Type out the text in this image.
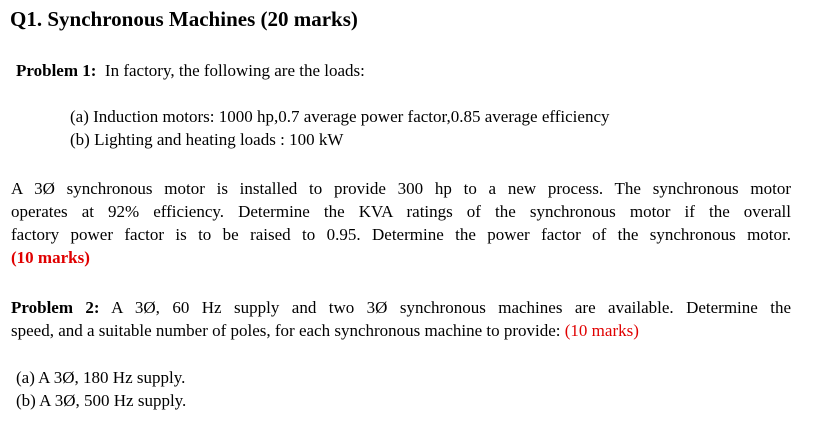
Q1. Synchronous Machines (20 marks)
Problem 1: In factory, the following are the loads:
(a) Induction motors: 1000 hp,0.7 average power factor,0.85 average efficiency
(b) Lighting and heating loads : 100 kW
A 3Ø synchronous motor is installed to provide 300 hp to a new process. The synchronous motor
operates at 92% efficiency. Determine the KVA ratings of the synchronous motor if the overall
factory power factor is to be raised to 0.95. Determine the power factor of the synchronous motor.
(10 marks)
Problem 2: A 3Ø, 60 Hz supply and two 3Ø synchronous machines are available. Determine the
speed, and a suitable number of poles, for each synchronous machine to provide: (10 marks)
(a) A 3Ø, 180 Hz supply.
(b) A 3Ø, 500 Hz supply.
